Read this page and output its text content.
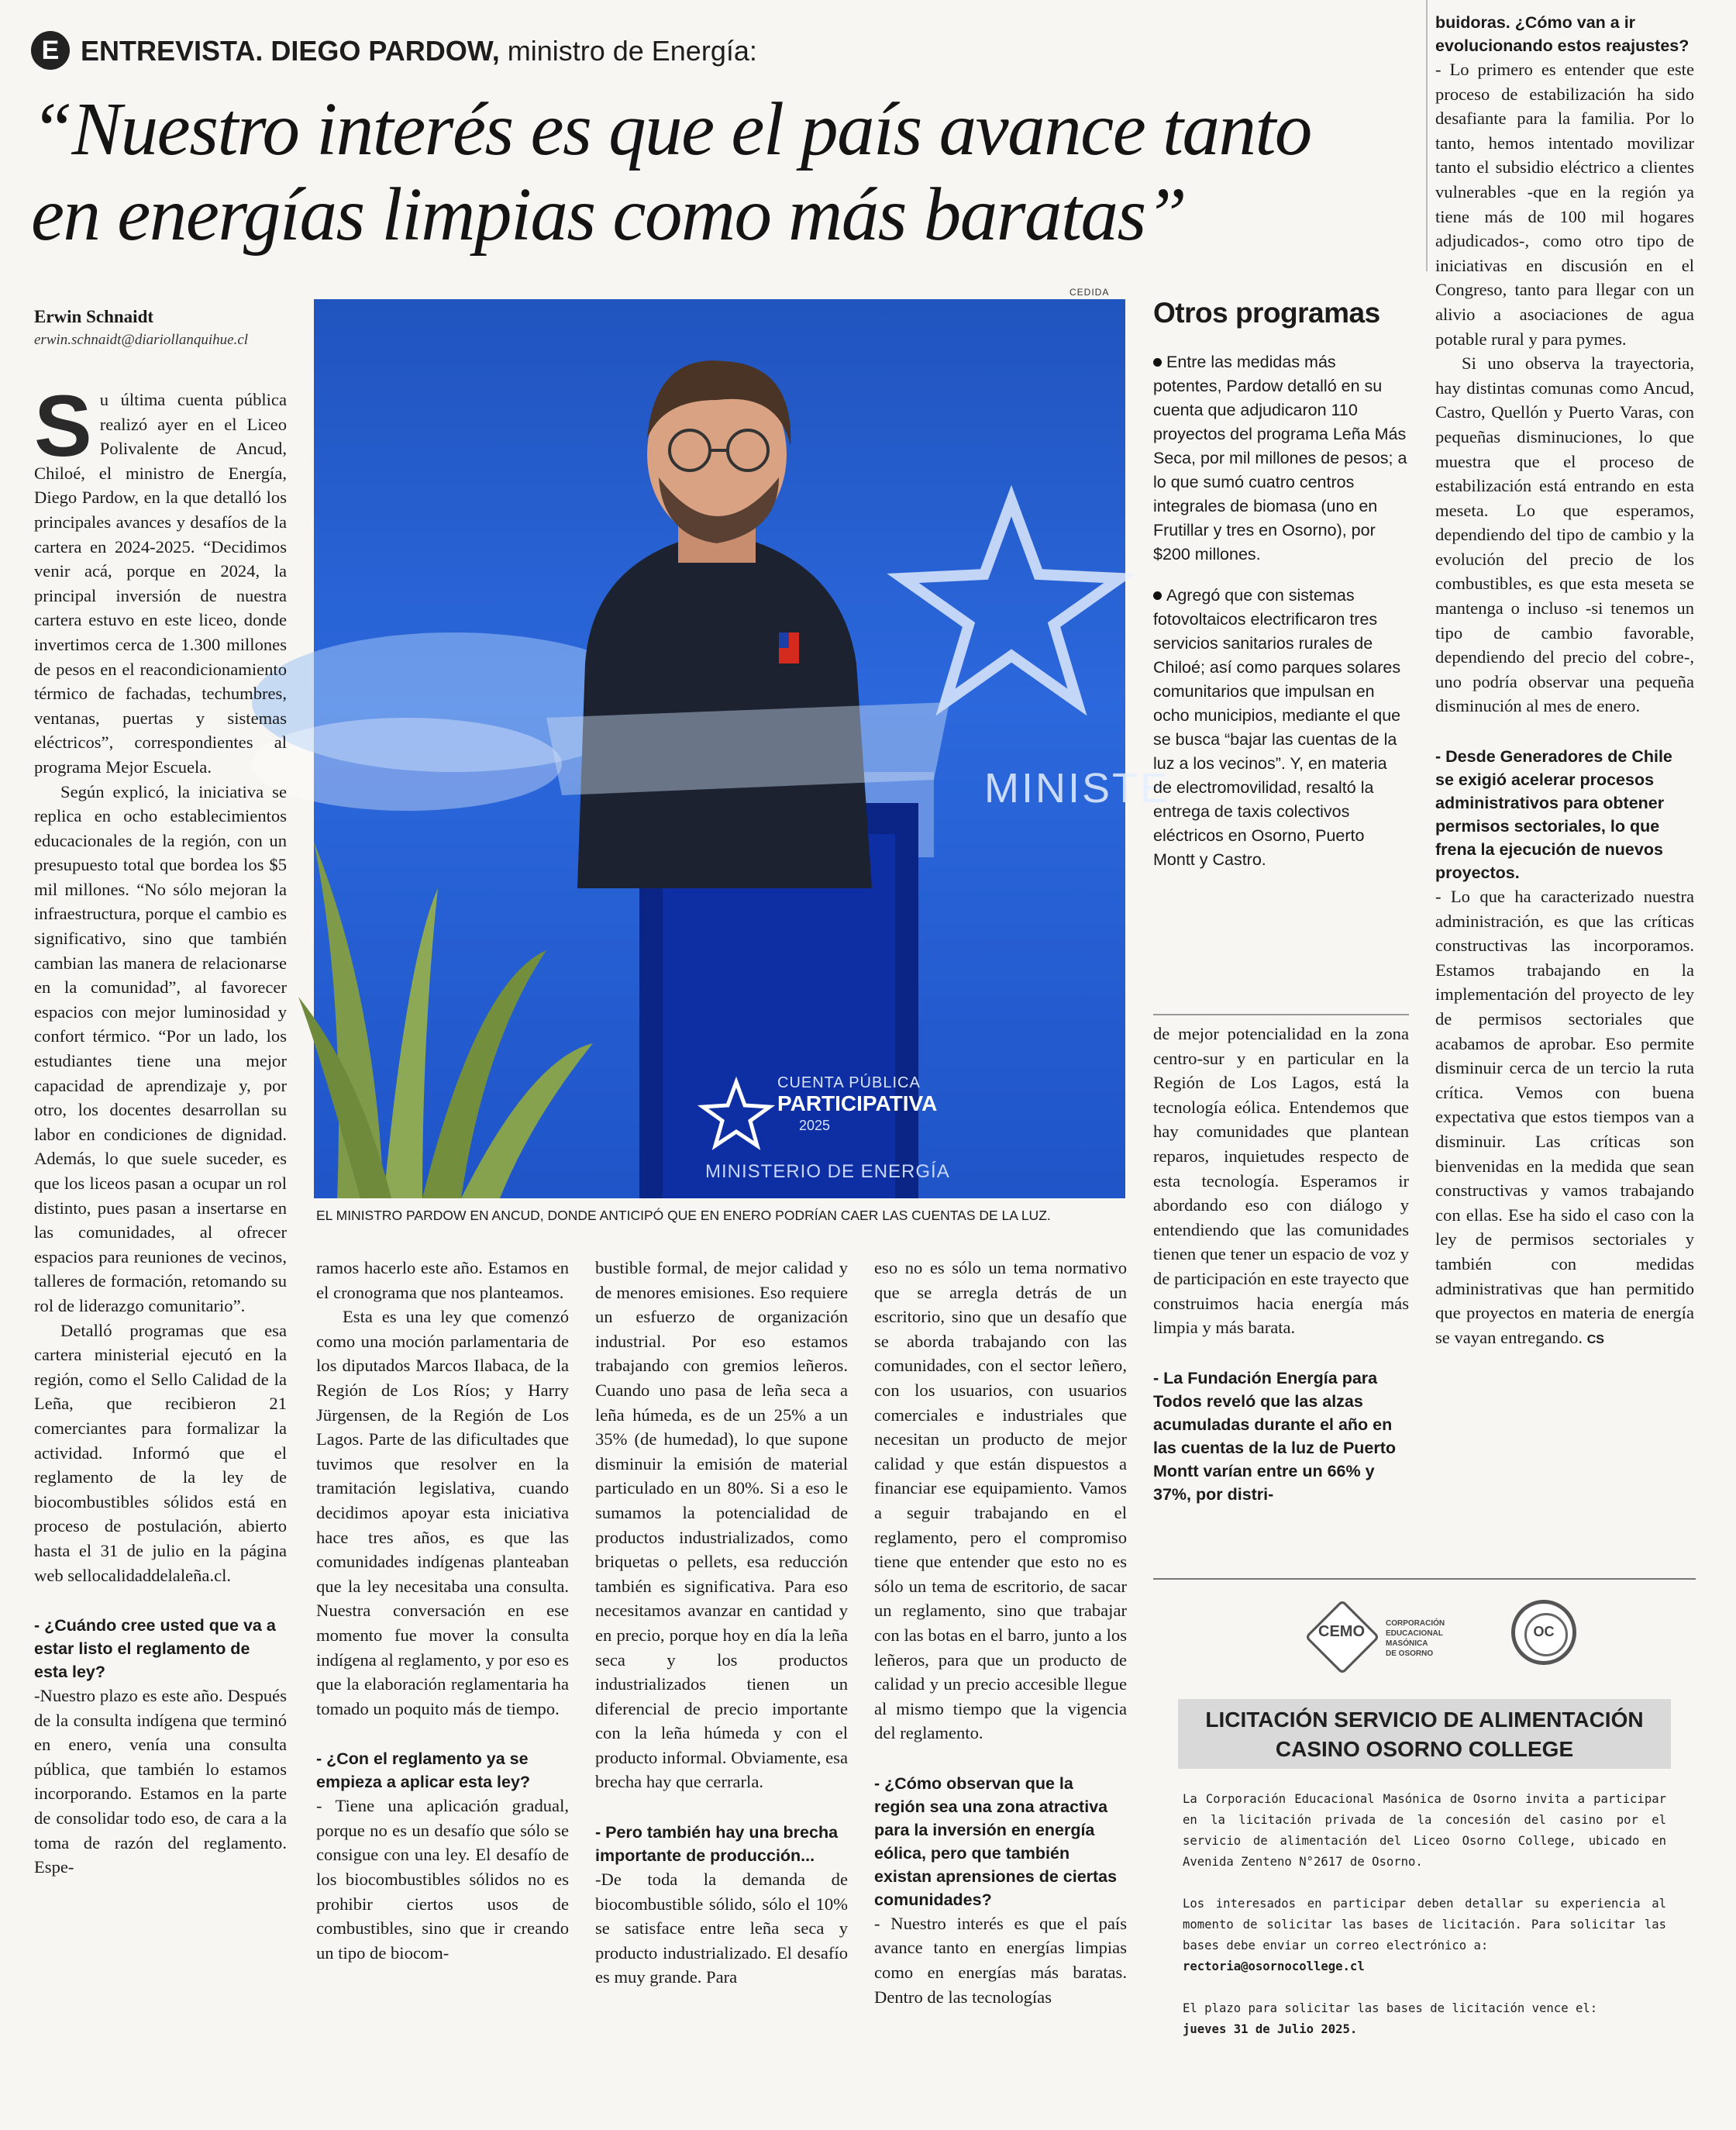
E ENTREVISTA. DIEGO PARDOW, ministro de Energía:
“Nuestro interés es que el país avance tanto
en energías limpias como más baratas”
Erwin Schnaidt
erwin.schnaidt@diariollanquihue.cl
CEDIDA
MINISTE
CUENTA PÚBLICA
PARTICIPATIVA
2025
MINISTERIO DE ENERGÍA
EL MINISTRO PARDOW EN ANCUD, DONDE ANTICIPÓ QUE EN ENERO PODRÍAN CAER LAS CUENTAS DE LA LUZ.

Su última cuenta pública realizó ayer en el Liceo Polivalente de Ancud, Chiloé, el ministro de Energía, Diego Pardow, en la que detalló los principales avances y desafíos de la cartera en 2024-2025. “Decidimos venir acá, porque en 2024, la principal inversión de nuestra cartera estuvo en este liceo, donde invertimos cerca de 1.300 millones de pesos en el reacondicionamiento térmico de fachadas, techumbres, ventanas, puertas y sistemas eléctricos”, correspondientes al programa Mejor Escuela.

Según explicó, la iniciativa se replica en ocho establecimientos educacionales de la región, con un presupuesto total que bordea los $5 mil millones. “No sólo mejoran la infraestructura, porque el cambio es significativo, sino que también cambian las manera de relacionarse en la comunidad”, al favorecer espacios con mejor luminosidad y confort térmico. “Por un lado, los estudiantes tiene una mejor capacidad de aprendizaje y, por otro, los docentes desarrollan su labor en condiciones de dignidad. Además, lo que suele suceder, es que los liceos pasan a ocupar un rol distinto, pues pasan a insertarse en las comunidades, al ofrecer espacios para reuniones de vecinos, talleres de formación, retomando su rol de liderazgo comunitario”.

Detalló programas que esa cartera ministerial ejecutó en la región, como el Sello Calidad de la Leña, que recibieron 21 comerciantes para formalizar la actividad. Informó que el reglamento de la ley de biocombustibles sólidos está en proceso de postulación, abierto hasta el 31 de julio en la página web sellocalidaddelaleña.cl.

- ¿Cuándo cree usted que va a estar listo el reglamento de esta ley?

-Nuestro plazo es este año. Después de la consulta indígena que terminó en enero, venía una consulta pública, que también lo estamos incorporando. Estamos en la parte de consolidar todo eso, de cara a la toma de razón del reglamento. Espe-

ramos hacerlo este año. Estamos en el cronograma que nos planteamos.

Esta es una ley que comenzó como una moción parlamentaria de los diputados Marcos Ilabaca, de la Región de Los Ríos; y Harry Jürgensen, de la Región de Los Lagos. Parte de las dificultades que tuvimos que resolver en la tramitación legislativa, cuando decidimos apoyar esta iniciativa hace tres años, es que las comunidades indígenas planteaban que la ley necesitaba una consulta. Nuestra conversación en ese momento fue mover la consulta indígena al reglamento, y por eso es que la elaboración reglamentaria ha tomado un poquito más de tiempo.

- ¿Con el reglamento ya se empieza a aplicar esta ley?

- Tiene una aplicación gradual, porque no es un desafío que sólo se consigue con una ley. El desafío de los biocombustibles sólidos no es prohibir ciertos usos de combustibles, sino que ir creando un tipo de biocom-

bustible formal, de mejor calidad y de menores emisiones. Eso requiere un esfuerzo de organización industrial. Por eso estamos trabajando con gremios leñeros. Cuando uno pasa de leña seca a leña húmeda, es de un 25% a un 35% (de humedad), lo que supone disminuir la emisión de material particulado en un 80%. Si a eso le sumamos la potencialidad de productos industrializados, como briquetas o pellets, esa reducción también es significativa. Para eso necesitamos avanzar en cantidad y en precio, porque hoy en día la leña seca y los productos industrializados tienen un diferencial de precio importante con la leña húmeda y con el producto informal. Obviamente, esa brecha hay que cerrarla.

- Pero también hay una brecha importante de producción...

-De toda la demanda de biocombustible sólido, sólo el 10% se satisface entre leña seca y producto industrializado. El desafío es muy grande. Para

eso no es sólo un tema normativo que se arregla detrás de un escritorio, sino que un desafío que se aborda trabajando con las comunidades, con el sector leñero, con los usuarios, con usuarios comerciales e industriales que necesitan un producto de mejor calidad y que están dispuestos a financiar ese equipamiento. Vamos a seguir trabajando en el reglamento, pero el compromiso tiene que entender que esto no es sólo un tema de escritorio, de sacar un reglamento, sino que trabajar con las botas en el barro, junto a los leñeros, para que un producto de calidad y un precio accesible llegue al mismo tiempo que la vigencia del reglamento.

- ¿Cómo observan que la región sea una zona atractiva para la inversión en energía eólica, pero que también existan aprensiones de ciertas comunidades?

- Nuestro interés es que el país avance tanto en energías limpias como en energías más baratas. Dentro de las tecnologías

Otros programas

Entre las medidas más potentes, Pardow detalló en su cuenta que adjudicaron 110 proyectos del programa Leña Más Seca, por mil millones de pesos; a lo que sumó cuatro centros integrales de biomasa (uno en Frutillar y tres en Osorno), por $200 millones.

Agregó que con sistemas fotovoltaicos electrificaron tres servicios sanitarios rurales de Chiloé; así como parques solares comunitarios que impulsan en ocho municipios, mediante el que se busca “bajar las cuentas de la luz a los vecinos”. Y, en materia de electromovilidad, resaltó la entrega de taxis colectivos eléctricos en Osorno, Puerto Montt y Castro.

de mejor potencialidad en la zona centro-sur y en particular en la Región de Los Lagos, está la tecnología eólica. Entendemos que hay comunidades que plantean reparos, inquietudes respecto de esta tecnología. Esperamos ir abordando eso con diálogo y entendiendo que las comunidades tienen que tener un espacio de voz y de participación en este trayecto que construimos hacia energía más limpia y más barata.

- La Fundación Energía para Todos reveló que las alzas acumuladas durante el año en las cuentas de la luz de Puerto Montt varían entre un 66% y 37%, por distri-

buidoras. ¿Cómo van a ir evolucionando estos reajustes?

- Lo primero es entender que este proceso de estabilización ha sido desafiante para la familia. Por lo tanto, hemos intentado movilizar tanto el subsidio eléctrico a clientes vulnerables -que en la región ya tiene más de 100 mil hogares adjudicados-, como otro tipo de iniciativas en discusión en el Congreso, tanto para llegar con un alivio a asociaciones de agua potable rural y para pymes.

Si uno observa la trayectoria, hay distintas comunas como Ancud, Castro, Quellón y Puerto Varas, con pequeñas disminuciones, lo que muestra que el proceso de estabilización está entrando en esta meseta. Lo que esperamos, dependiendo del tipo de cambio y la evolución del precio de los combustibles, es que esta meseta se mantenga o incluso -si tenemos un tipo de cambio favorable, dependiendo del precio del cobre-, uno podría observar una pequeña disminución al mes de enero.

- Desde Generadores de Chile se exigió acelerar procesos administrativos para obtener permisos sectoriales, lo que frena la ejecución de nuevos proyectos.

- Lo que ha caracterizado nuestra administración, es que las críticas constructivas las incorporamos. Estamos trabajando en la implementación del proyecto de ley de permisos sectoriales que acabamos de aprobar. Eso permite disminuir cerca de un tercio la ruta crítica. Vemos con buena expectativa que estos tiempos van a disminuir. Las críticas son bienvenidas en la medida que sean constructivas y vamos trabajando con ellas. Ese ha sido el caso con la ley de permisos sectoriales y también con medidas administrativas que han permitido que proyectos en materia de energía se vayan entregando. CS

CEMO	CORPORACIÓN
EDUCACIONAL
MASÓNICA
DE OSORNO
OC
LICITACIÓN SERVICIO DE ALIMENTACIÓN
CASINO OSORNO COLLEGE

La Corporación Educacional Masónica de Osorno invita a participar en la licitación privada de la concesión del casino por el servicio de alimentación del Liceo Osorno College, ubicado en Avenida Zenteno N°2617 de Osorno.

Los interesados en participar deben detallar su experiencia al momento de solicitar las bases de licitación. Para solicitar las bases debe enviar un correo electrónico a:

rectoria@osornocollege.cl

El plazo para solicitar las bases de licitación vence el:

jueves 31 de Julio 2025.
